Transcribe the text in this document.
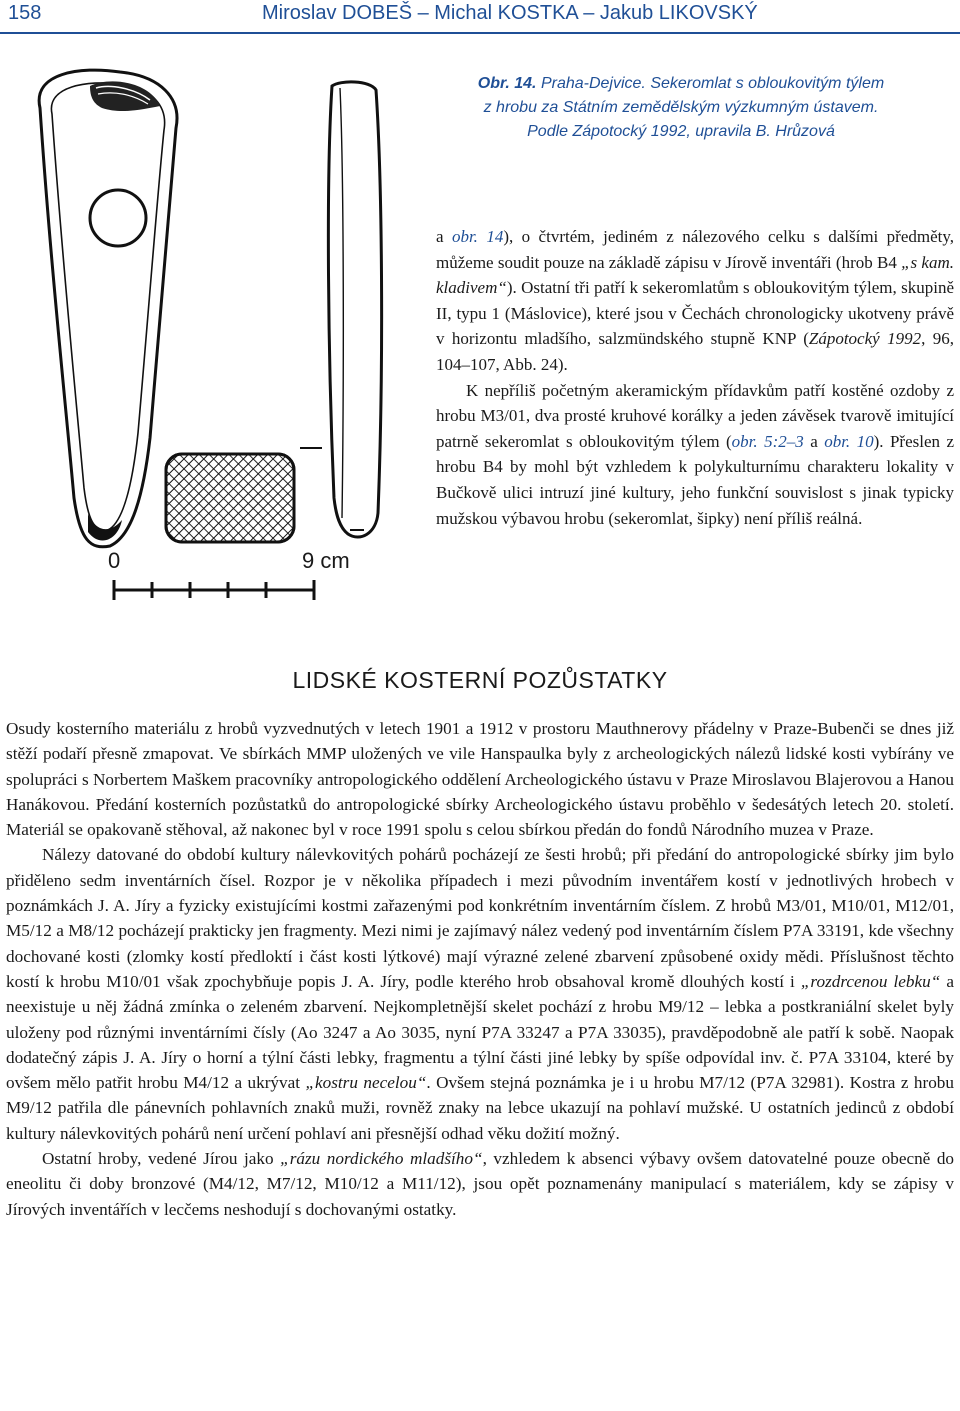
158	Miroslav DOBEŠ – Michal KOSTKA – Jakub LIKOVSKÝ
0	9 cm
Obr. 14. Praha-Dejvice. Sekeromlat s obloukovitým týlem
z hrobu za Státním zemědělským výzkumným ústavem.
Podle Zápotocký 1992, upravila B. Hrůzová

a obr. 14), o čtvrtém, jediném z nálezového celku s dalšími předměty, můžeme soudit pouze na základě zápisu v Jírově inventáři (hrob B4 „s kam. kladivem“). Ostatní tři patří k sekeromlatům s obloukovitým týlem, skupině II, typu 1 (Máslovice), které jsou v Čechách chronologicky ukotveny právě v horizontu mladšího, salzmündského stupně KNP (Zápotocký 1992, 96, 104–107, Abb. 24).

K nepříliš početným akeramickým přídavkům patří kostěné ozdoby z hrobu M3/01, dva prosté kruhové korálky a jeden závěsek tvarově imitující patrně sekeromlat s obloukovitým týlem (obr. 5:2–3 a obr. 10). Přeslen z hrobu B4 by mohl být vzhledem k polykulturnímu charakteru lokality v Bučkově ulici intruzí jiné kultury, jeho funkční souvislost s jinak typicky mužskou výbavou hrobu (sekeromlat, šipky) není příliš reálná.

LIDSKÉ KOSTERNÍ POZŮSTATKY

Osudy kosterního materiálu z hrobů vyzvednutých v letech 1901 a 1912 v prostoru Mauthnerovy přádelny v Praze-Bubenči se dnes již stěží podaří přesně zmapovat. Ve sbírkách MMP uložených ve vile Hanspaulka byly z archeologických nálezů lidské kosti vybírány ve spolupráci s Norbertem Maškem pracovníky antropologického oddělení Archeologického ústavu v Praze Miroslavou Blajerovou a Hanou Hanákovou. Předání kosterních pozůstatků do antropologické sbírky Archeologického ústavu proběhlo v šedesátých letech 20. století. Materiál se opakovaně stěhoval, až nakonec byl v roce 1991 spolu s celou sbírkou předán do fondů Národního muzea v Praze.

Nálezy datované do období kultury nálevkovitých pohárů pocházejí ze šesti hrobů; při předání do antropologické sbírky jim bylo přiděleno sedm inventárních čísel. Rozpor je v několika případech i mezi původním inventářem kostí v jednotlivých hrobech v poznámkách J. A. Jíry a fyzicky existujícími kostmi zařazenými pod konkrétním inventárním číslem. Z hrobů M3/01, M10/01, M12/01, M5/12 a M8/12 pocházejí prakticky jen fragmenty. Mezi nimi je zajímavý nález vedený pod inventárním číslem P7A 33191, kde všechny dochované kosti (zlomky kostí předloktí i část kosti lýtkové) mají výrazné zelené zbarvení způsobené oxidy mědi. Příslušnost těchto kostí k hrobu M10/01 však zpochybňuje popis J. A. Jíry, podle kterého hrob obsahoval kromě dlouhých kostí i „rozdrcenou lebku“ a neexistuje u něj žádná zmínka o zeleném zbarvení. Nejkompletnější skelet pochází z hrobu M9/12 – lebka a postkraniální skelet byly uloženy pod různými inventárními čísly (Ao 3247 a Ao 3035, nyní P7A 33247 a P7A 33035), pravděpodobně ale patří k sobě. Naopak dodatečný zápis J. A. Jíry o horní a týlní části lebky, fragmentu a týlní části jiné lebky by spíše odpovídal inv. č. P7A 33104, které by ovšem mělo patřit hrobu M4/12 a ukrývat „kostru necelou“. Ovšem stejná poznámka je i u hrobu M7/12 (P7A 32981). Kostra z hrobu M9/12 patřila dle pánevních pohlavních znaků muži, rovněž znaky na lebce ukazují na pohlaví mužské. U ostatních jedinců z období kultury nálevkovitých pohárů není určení pohlaví ani přesnější odhad věku dožití možný.

Ostatní hroby, vedené Jírou jako „rázu nordického mladšího“, vzhledem k absenci výbavy ovšem datovatelné pouze obecně do eneolitu či doby bronzové (M4/12, M7/12, M10/12 a M11/12), jsou opět poznamenány manipulací s materiálem, kdy se zápisy v Jírových inventářích v lecčems neshodují s dochovanými ostatky.
